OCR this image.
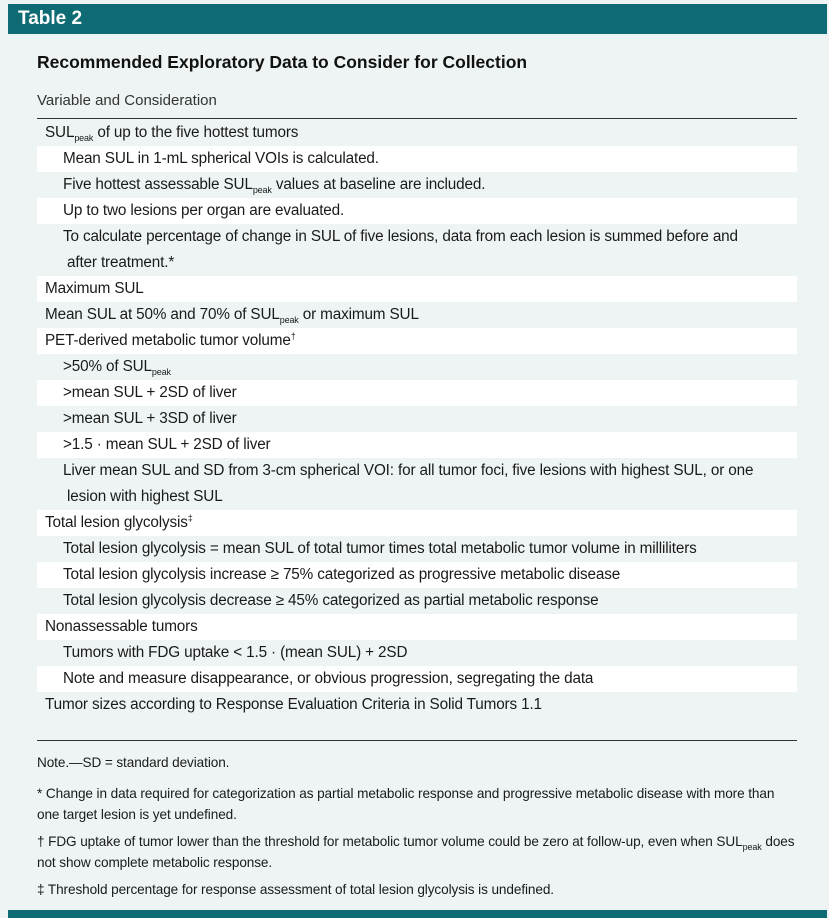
Table 2
Recommended Exploratory Data to Consider for Collection
Variable and Consideration
$SUL_{peak}$ of up to the five hottest tumors
Mean SUL in 1-mL spherical VOIs is calculated.
Five hottest assessable $SUL_{peak}$ values at baseline are included.
Up to two lesions per organ are evaluated.
To calculate percentage of change in SUL of five lesions, data from each lesion is summed before and
after treatment.*
Maximum SUL
Mean SUL at 50% and 70% of $SUL_{peak}$ or maximum SUL
PET-derived metabolic tumor volume†
>50% of $SUL_{peak}$
>mean SUL + 2SD of liver
>mean SUL + 3SD of liver
>1.5 · mean SUL + 2SD of liver
Liver mean SUL and SD from 3-cm spherical VOI: for all tumor foci, five lesions with highest SUL, or one
lesion with highest SUL
Total lesion glycolysis‡
Total lesion glycolysis = mean SUL of total tumor times total metabolic tumor volume in milliliters
Total lesion glycolysis increase ≥ 75% categorized as progressive metabolic disease
Total lesion glycolysis decrease ≥ 45% categorized as partial metabolic response
Nonassessable tumors
Tumors with FDG uptake < 1.5 · (mean SUL) + 2SD
Note and measure disappearance, or obvious progression, segregating the data
Tumor sizes according to Response Evaluation Criteria in Solid Tumors 1.1
Note.—SD = standard deviation.
* Change in data required for categorization as partial metabolic response and progressive metabolic disease with more than one target lesion is yet undefined.
† FDG uptake of tumor lower than the threshold for metabolic tumor volume could be zero at follow-up, even when $SUL_{peak}$ does not show complete metabolic response.
‡ Threshold percentage for response assessment of total lesion glycolysis is undefined.
